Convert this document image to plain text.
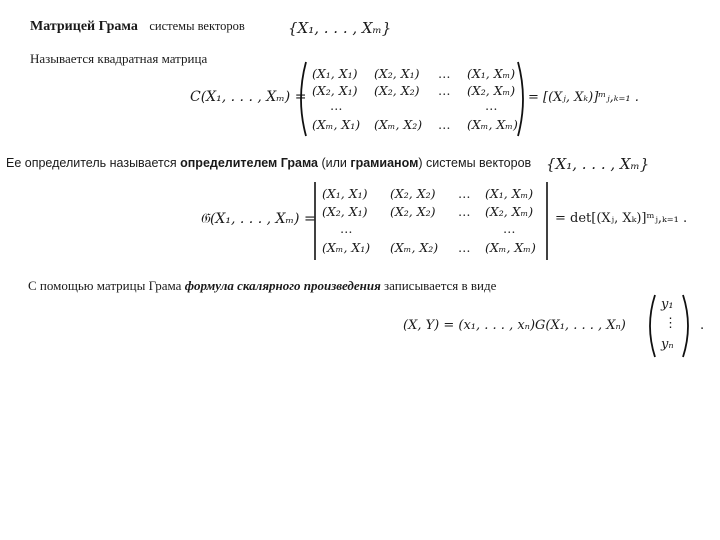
Матрицей Грама системы векторов	{X₁, . . . , Xₘ}
Называется квадратная матрица
C(X₁, . . . , Xₘ) =
(X₁, X₁) (X₂, X₁) … (X₁, Xₘ)
(X₂, X₁) (X₂, X₂) … (X₂, Xₘ)
…	…
(Xₘ, X₁) (Xₘ, X₂) … (Xₘ, Xₘ)
= [(Xⱼ, Xₖ)]ᵐⱼ,ₖ₌₁ .
Ее определитель называется определителем Грама (или грамианом) системы векторов {X₁, . . . , Xₘ}
𝔊(X₁, . . . , Xₘ) =
(X₁, X₁) (X₂, X₂) … (X₁, Xₘ)
(X₂, X₁) (X₂, X₂) … (X₂, Xₘ)
…	…
(Xₘ, X₁) (Xₘ, X₂) … (Xₘ, Xₘ)
= det[(Xⱼ, Xₖ)]ᵐⱼ,ₖ₌₁ .
С помощью матрицы Грама формула скалярного произведения записывается в виде
(X, Y) = (x₁, . . . , xₙ)G(X₁, . . . , Xₙ)
y₁
⋮
yₙ
.
